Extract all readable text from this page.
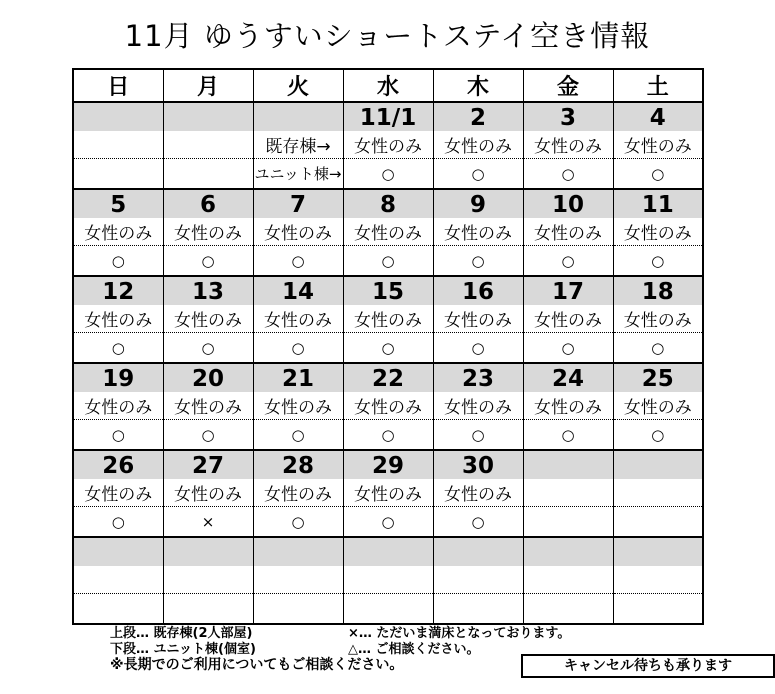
11月 ゆうすいショートステイ空き情報
日	月	火	水	木	金	土
			11/1	2	3	4
		既存棟→	女性のみ	女性のみ	女性のみ	女性のみ
		ユニット棟→	○	○	○	○
5	6	7	8	9	10	11
女性のみ	女性のみ	女性のみ	女性のみ	女性のみ	女性のみ	女性のみ
○	○	○	○	○	○	○
12	13	14	15	16	17	18
女性のみ	女性のみ	女性のみ	女性のみ	女性のみ	女性のみ	女性のみ
○	○	○	○	○	○	○
19	20	21	22	23	24	25
女性のみ	女性のみ	女性のみ	女性のみ	女性のみ	女性のみ	女性のみ
○	○	○	○	○	○	○
26	27	28	29	30		
女性のみ	女性のみ	女性のみ	女性のみ	女性のみ		
○	×	○	○	○		

上段… 既存棟(2人部屋)
下段… ユニット棟(個室)
×… ただいま満床となっております。
△… ご相談ください。
※長期でのご利用についてもご相談ください。	キャンセル待ちも承ります
